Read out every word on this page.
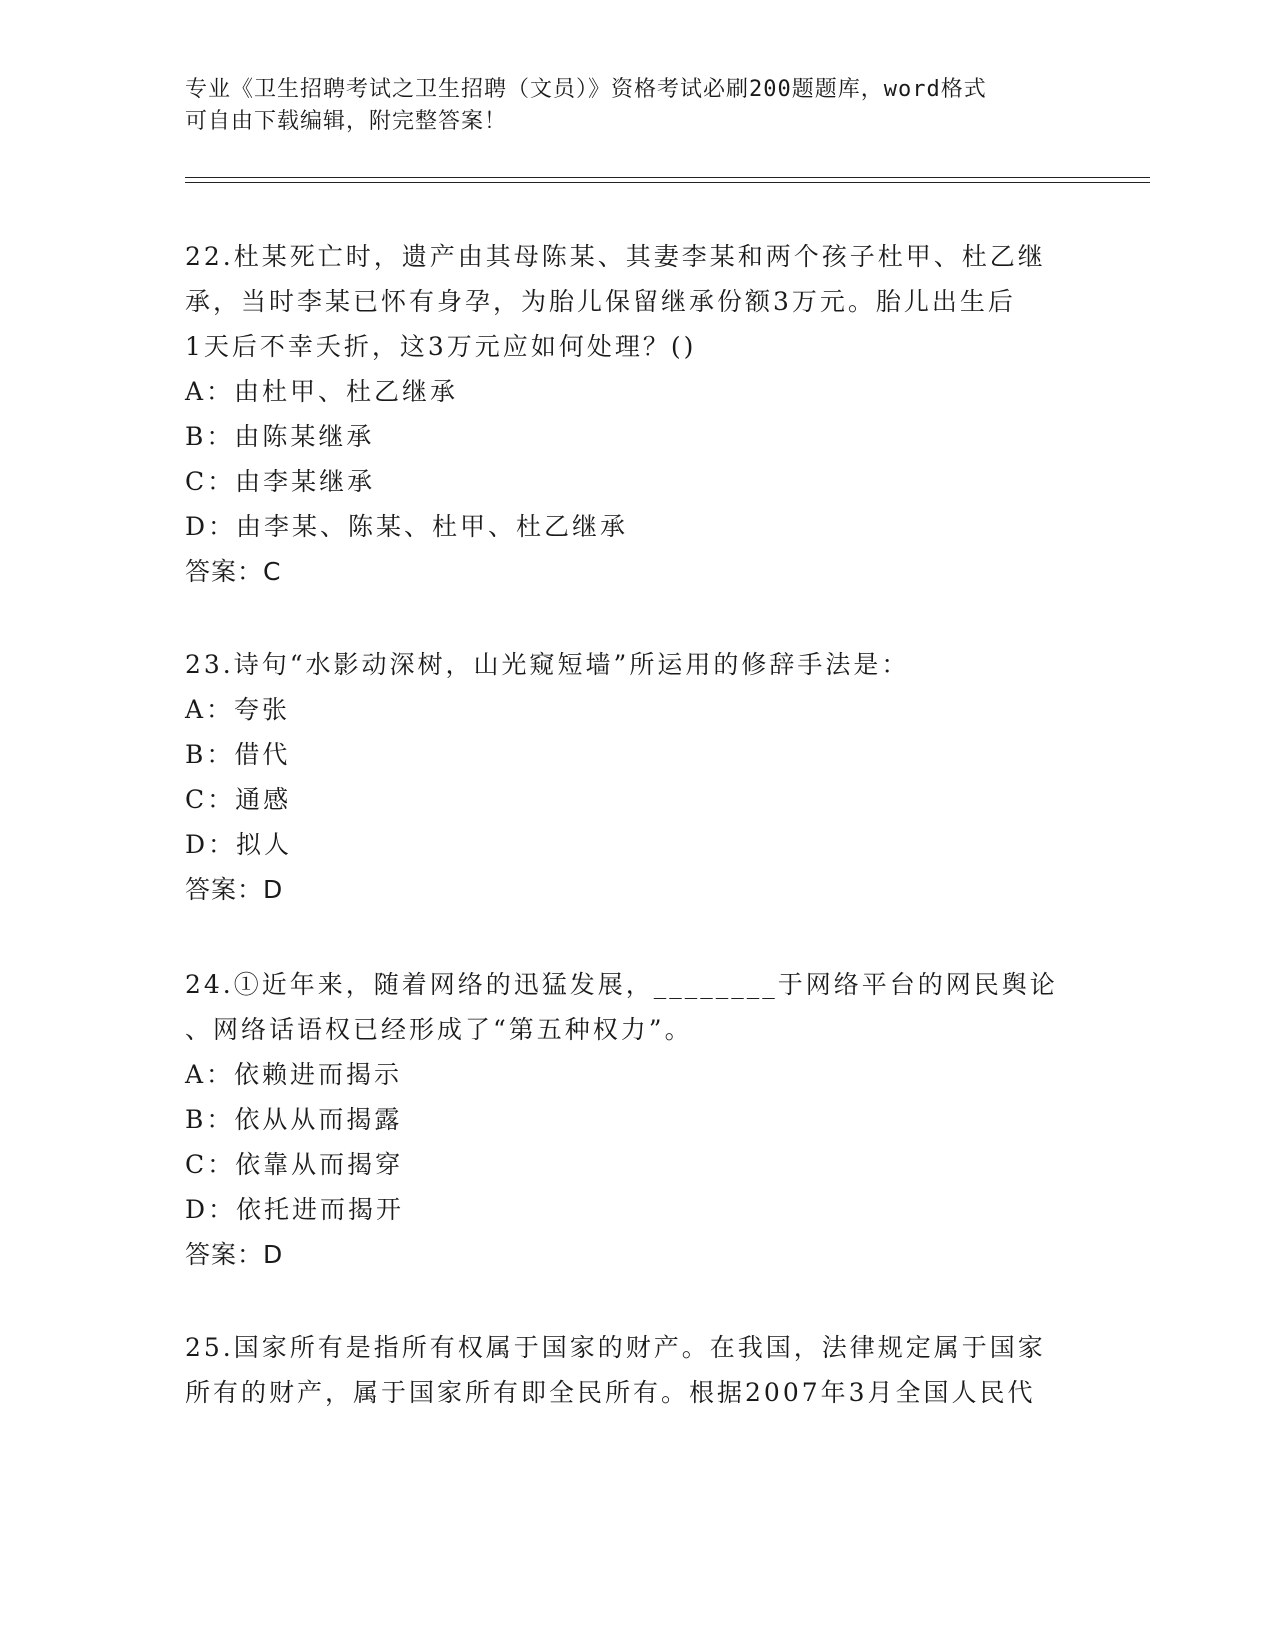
专业《卫生招聘考试之卫生招聘（文员）》资格考试必刷200题题库，word格式

可自由下载编辑，附完整答案！

22.杜某死亡时，遗产由其母陈某、其妻李某和两个孩子杜甲、杜乙继

承，当时李某已怀有身孕，为胎儿保留继承份额3万元。胎儿出生后

1天后不幸夭折，这3万元应如何处理？()

A：由杜甲、杜乙继承

B：由陈某继承

C：由李某继承

D：由李某、陈某、杜甲、杜乙继承

答案：C

23.诗句“水影动深树，山光窥短墙”所运用的修辞手法是：

A：夸张

B：借代

C：通感

D：拟人

答案：D

24.①近年来，随着网络的迅猛发展，________于网络平台的网民舆论

、网络话语权已经形成了“第五种权力”。

A：依赖进而揭示

B：依从从而揭露

C：依靠从而揭穿

D：依托进而揭开

答案：D

25.国家所有是指所有权属于国家的财产。在我国，法律规定属于国家

所有的财产，属于国家所有即全民所有。根据2007年3月全国人民代
